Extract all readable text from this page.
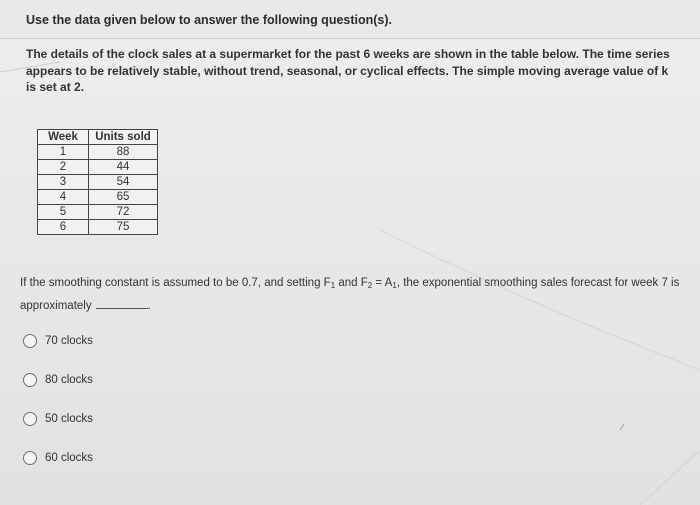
Use the data given below to answer the following question(s).
The details of the clock sales at a supermarket for the past 6 weeks are shown in the table below. The time series appears to be relatively stable, without trend, seasonal, or cyclical effects. The simple moving average value of k is set at 2.
Week	Units sold
1	88
2	44
3	54
4	65
5	72
6	75
If the smoothing constant is assumed to be 0.7, and setting $F_1$ and $F_2 = A_1$, the exponential smoothing sales forecast for week 7 is approximately	.
70 clocks
80 clocks
50 clocks
60 clocks
